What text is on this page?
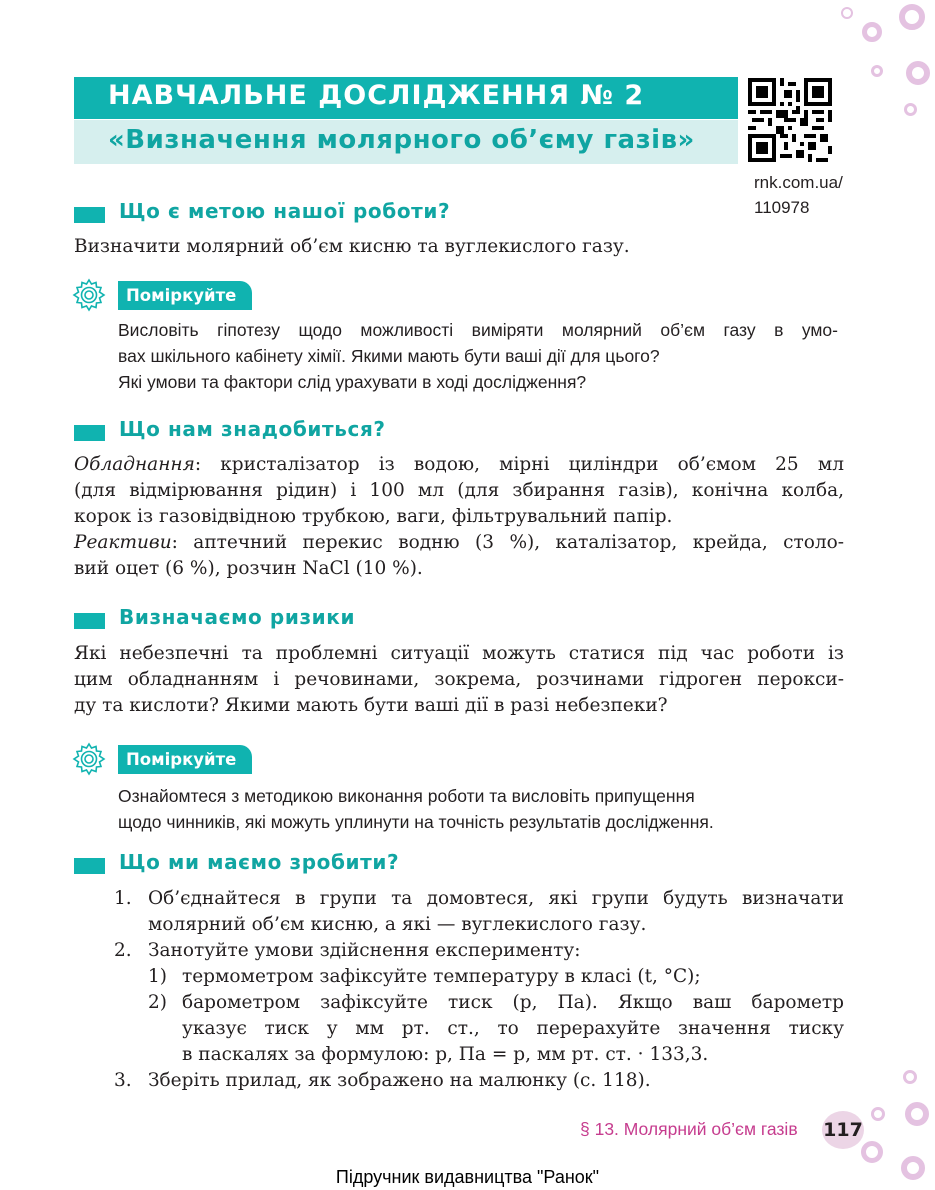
НАВЧАЛЬНЕ ДОСЛІДЖЕННЯ № 2
«Визначення молярного об’єму газів»
rnk.com.ua/
110978
Що є метою нашої роботи?

Визначити молярний об’єм кисню та вуглекислого газу.

Поміркуйте

Висловіть гіпотезу щодо можливості виміряти молярний об’єм газу в умо-

вах шкільного кабінету хімії. Якими мають бути ваші дії для цього?

Які умови та фактори слід урахувати в ході дослідження?

Що нам знадобиться?

Обладнання: кристалізатор із водою, мірні циліндри об’ємом 25 мл

(для відмірювання рідин) і 100 мл (для збирання газів), конічна колба,

корок із газовідвідною трубкою, ваги, фільтрувальний папір.

Реактиви: аптечний перекис водню (3 %), каталізатор, крейда, столо-

вий оцет (6 %), розчин NaCl (10 %).

Визначаємо ризики

Які небезпечні та проблемні ситуації можуть статися під час роботи із

цим обладнанням і речовинами, зокрема, розчинами гідроген перокси-

ду та кислоти? Якими мають бути ваші дії в разі небезпеки?

Поміркуйте

Ознайомтеся з методикою виконання роботи та висловіть припущення

щодо чинників, які можуть уплинути на точність результатів дослідження.

Що ми маємо зробити?
1. Об’єднайтеся в групи та домовтеся, які групи будуть визначати
молярний об’єм кисню, а які — вуглекислого газу.
2. Занотуйте умови здійснення експерименту:
1) термометром зафіксуйте температуру в класі (t, °С);
2) барометром зафіксуйте тиск (p, Па). Якщо ваш барометр
указує тиск у мм рт. ст., то перерахуйте значення тиску
в паскалях за формулою: p, Па = p, мм рт. ст. · 133,3.
3. Зберіть прилад, як зображено на малюнку (с. 118).
§ 13. Молярний об’єм газів 117
Підручник видавництва "Ранок"
